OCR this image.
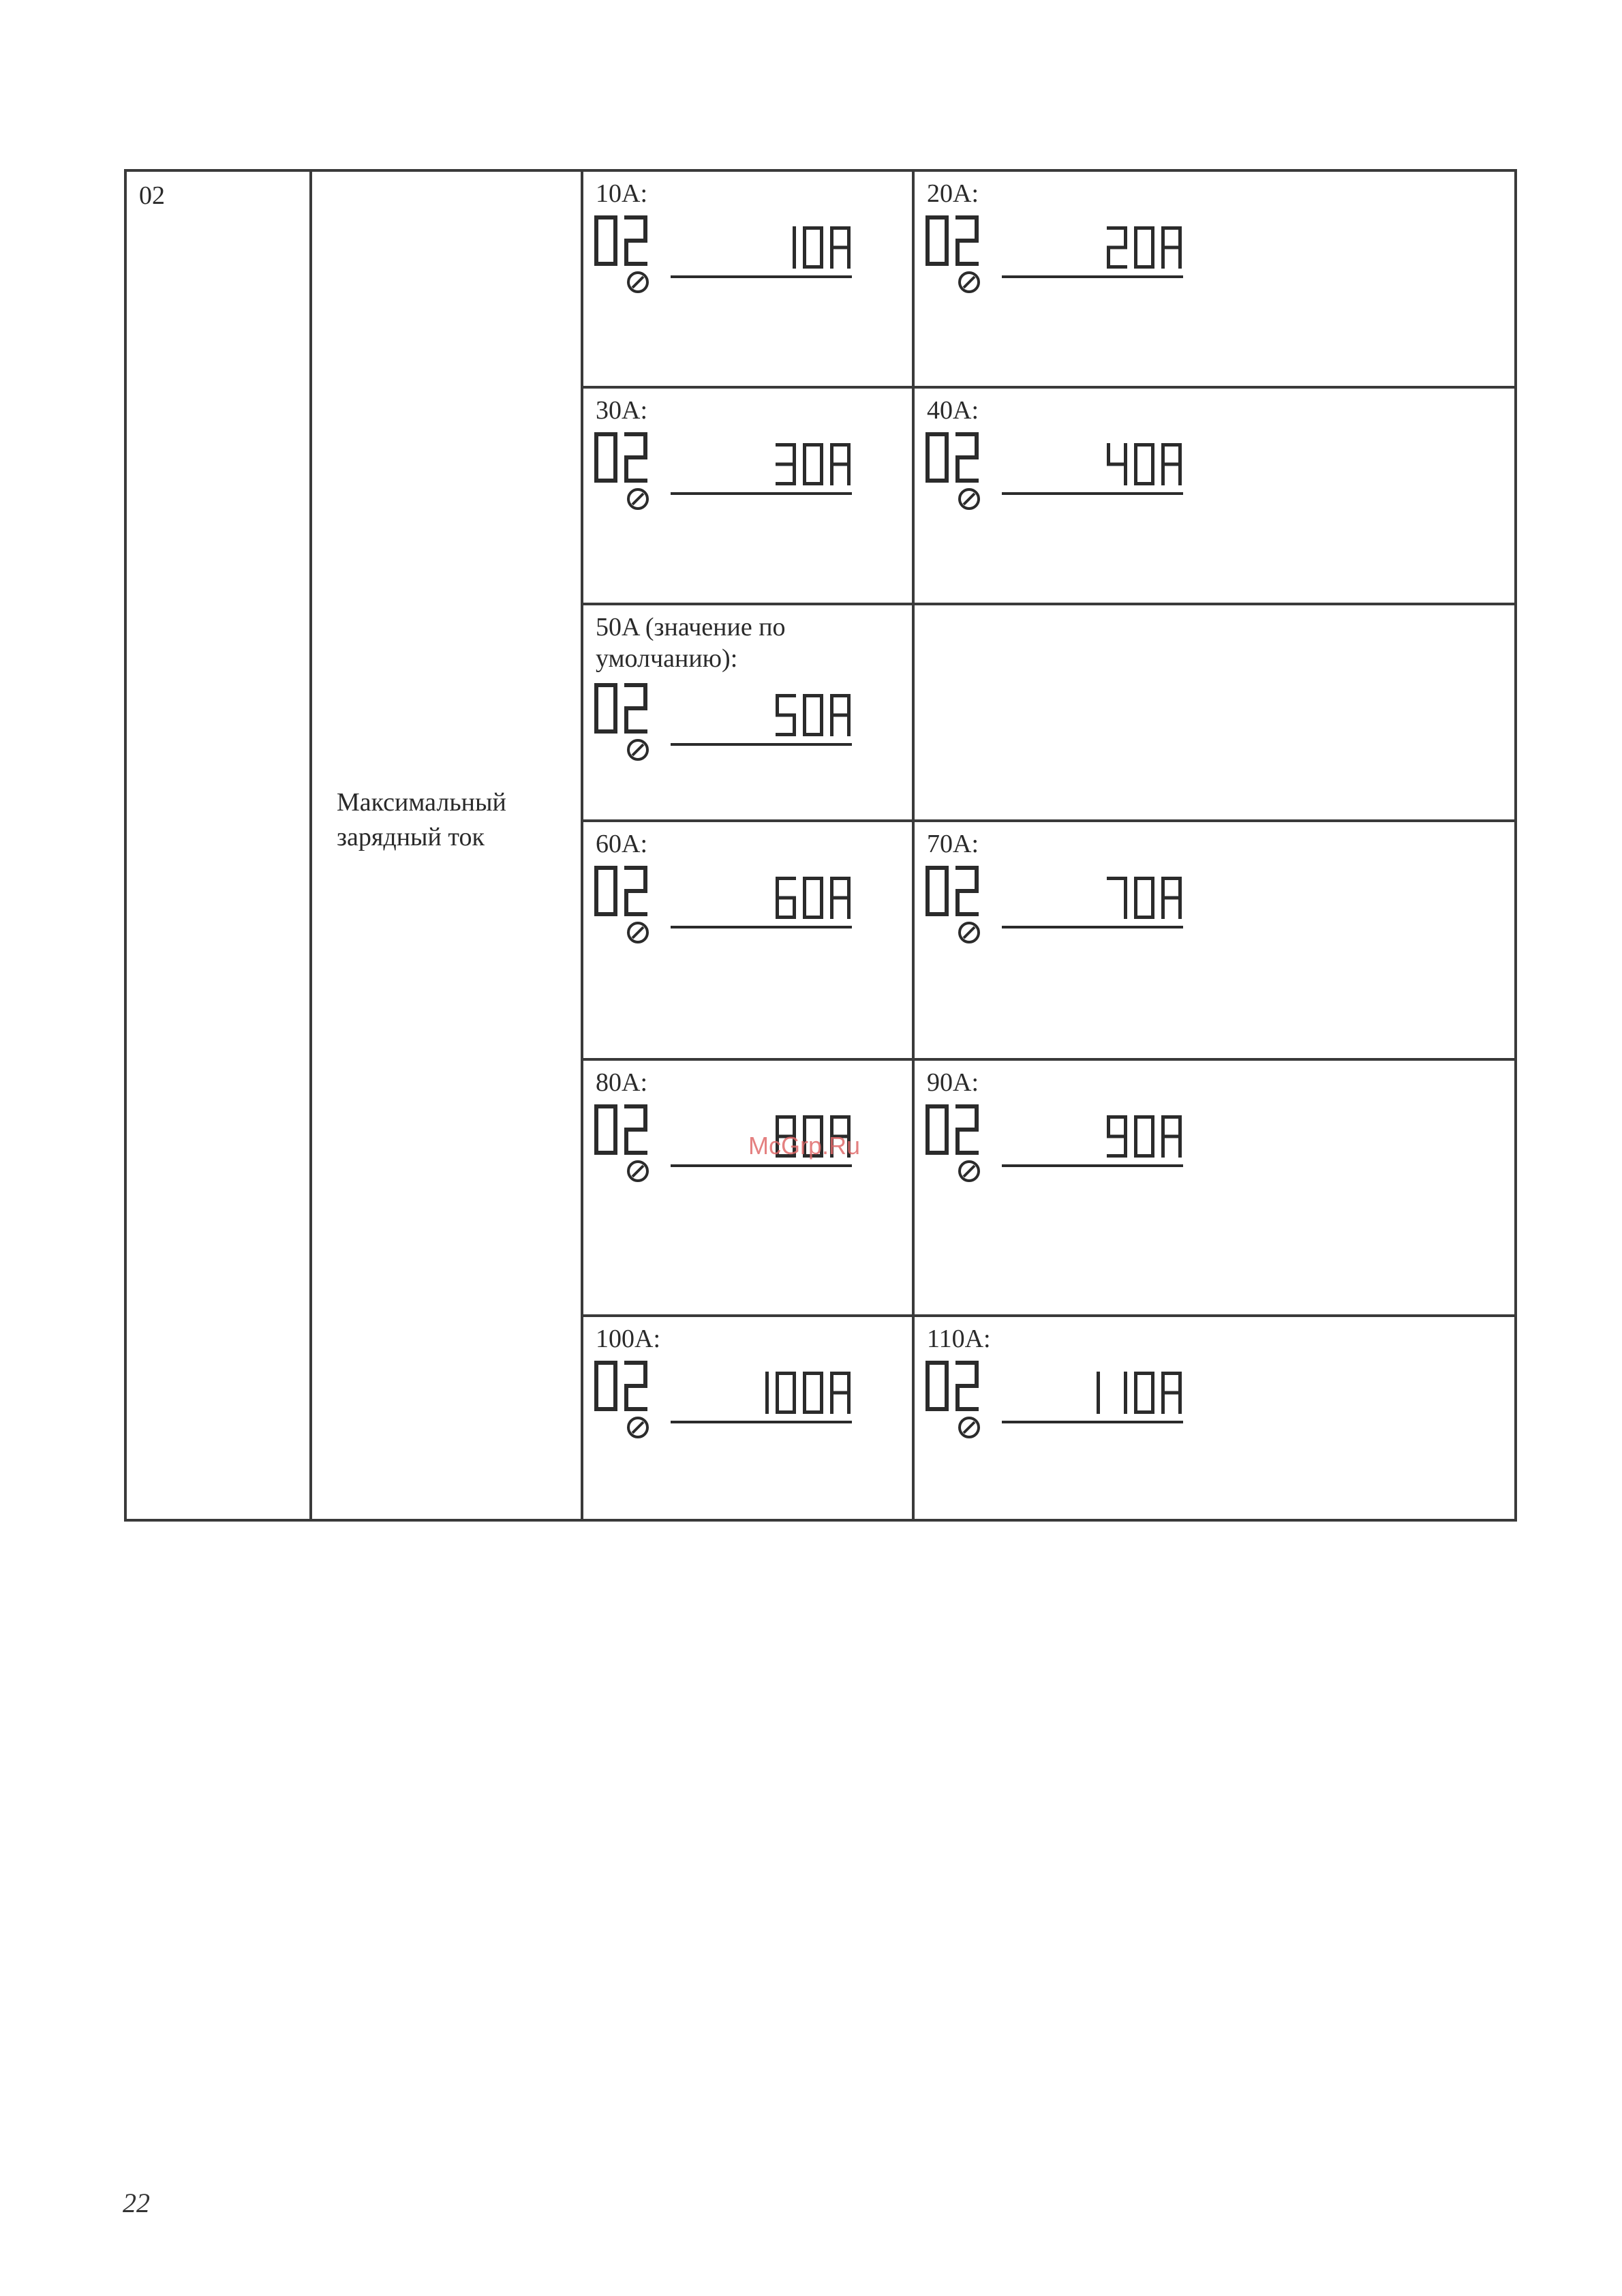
02	Максимальный зарядный ток	10A:	20A:

		30A:	40A:

		50A (значение по умолчанию):	

		60A:	70A:

		80A:	90A:

		100A:	110A:
McGrp.Ru
22
